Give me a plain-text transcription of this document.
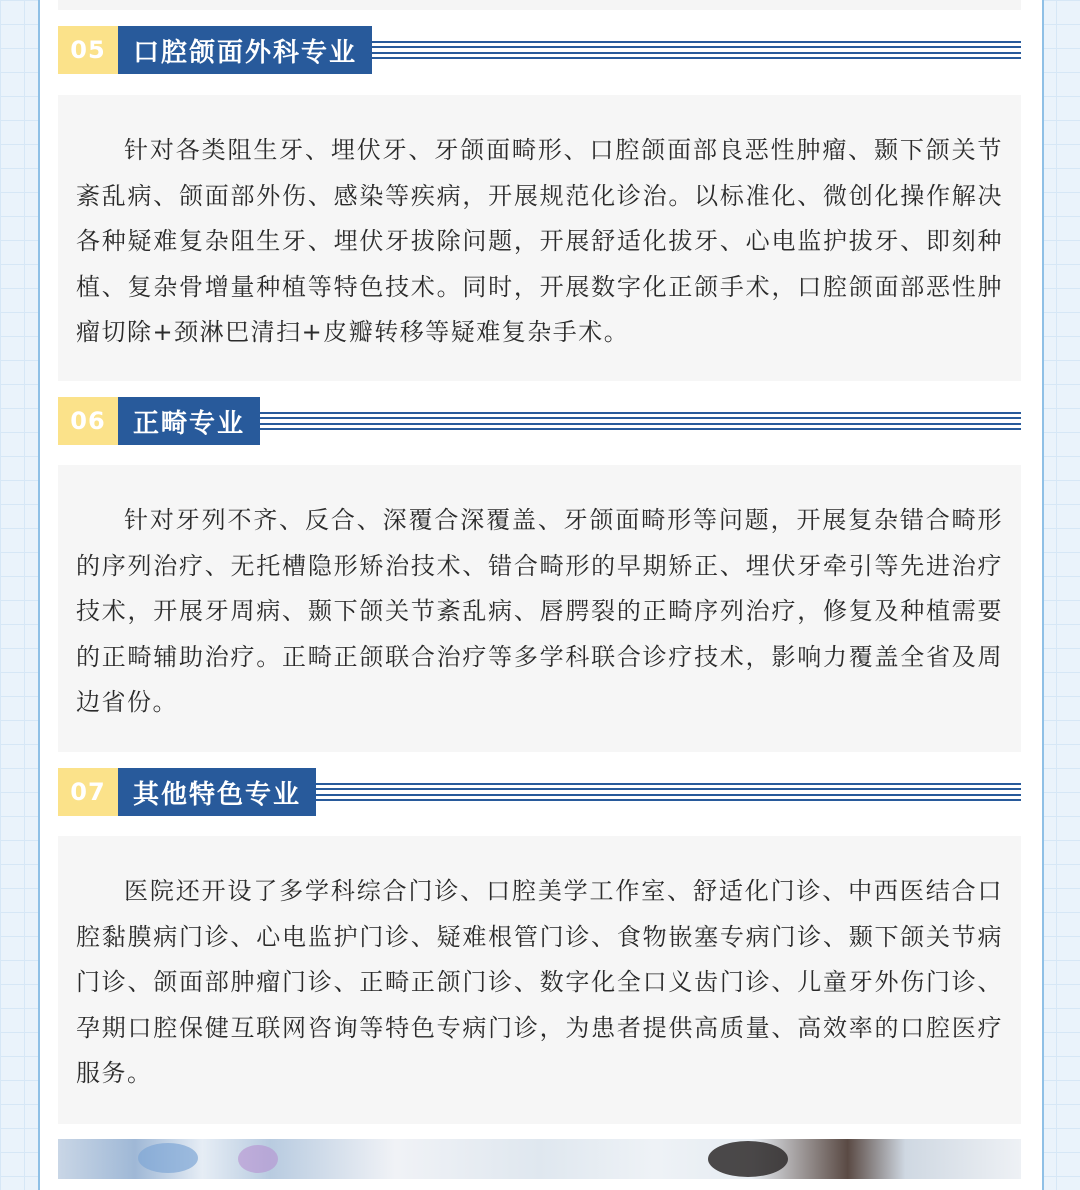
05	口腔颌面外科专业

针对各类阻生牙、埋伏牙、牙颌面畸形、口腔颌面部良恶性肿瘤、颞下颌关节紊乱病、颌面部外伤、感染等疾病，开展规范化诊治。以标准化、微创化操作解决各种疑难复杂阻生牙、埋伏牙拔除问题，开展舒适化拔牙、心电监护拔牙、即刻种植、复杂骨增量种植等特色技术。同时，开展数字化正颌手术，口腔颌面部恶性肿瘤切除+颈淋巴清扫+皮瓣转移等疑难复杂手术。

06	正畸专业

针对牙列不齐、反合、深覆合深覆盖、牙颌面畸形等问题，开展复杂错合畸形的序列治疗、无托槽隐形矫治技术、错合畸形的早期矫正、埋伏牙牵引等先进治疗技术，开展牙周病、颞下颌关节紊乱病、唇腭裂的正畸序列治疗，修复及种植需要的正畸辅助治疗。正畸正颌联合治疗等多学科联合诊疗技术，影响力覆盖全省及周边省份。

07	其他特色专业

医院还开设了多学科综合门诊、口腔美学工作室、舒适化门诊、中西医结合口腔黏膜病门诊、心电监护门诊、疑难根管门诊、食物嵌塞专病门诊、颞下颌关节病门诊、颌面部肿瘤门诊、正畸正颌门诊、数字化全口义齿门诊、儿童牙外伤门诊、孕期口腔保健互联网咨询等特色专病门诊，为患者提供高质量、高效率的口腔医疗服务。
